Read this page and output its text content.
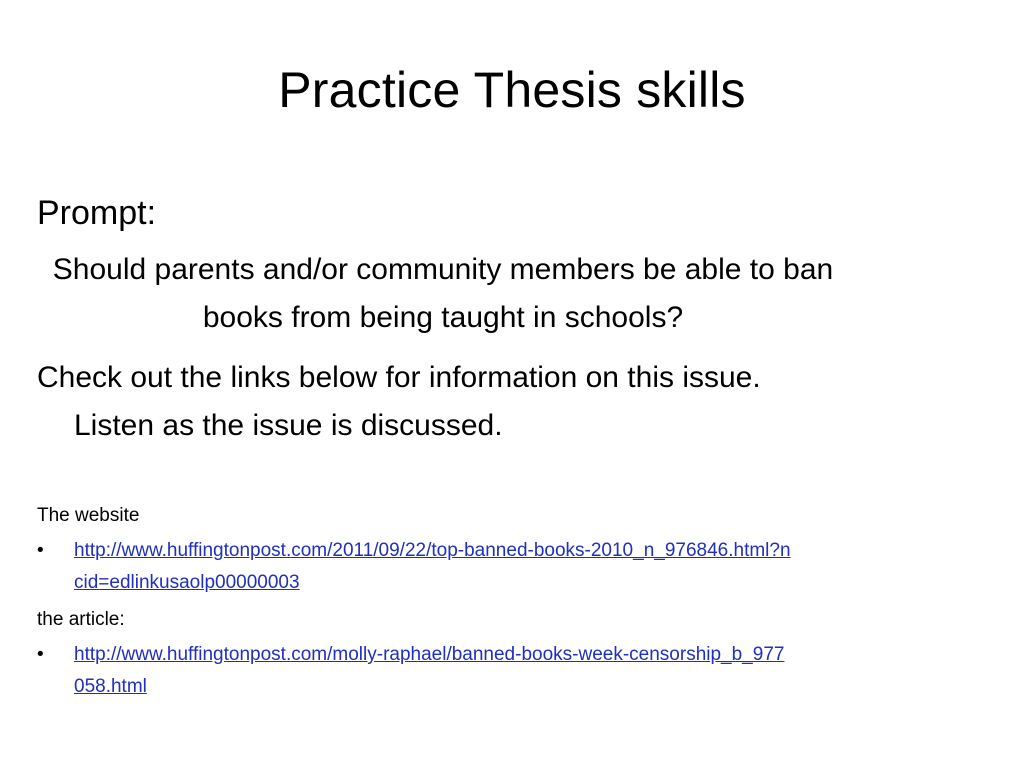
Practice Thesis skills
Prompt:
Should parents and/or community members be able to ban books from being taught in schools?
Check out the links below for information on this issue. Listen as the issue is discussed.
The website
•	http://www.huffingtonpost.com/2011/09/22/top-banned-books-2010_n_976846.html?ncid=edlinkusaolp00000003
the article:
•	http://www.huffingtonpost.com/molly-raphael/banned-books-week-censorship_b_977058.html
